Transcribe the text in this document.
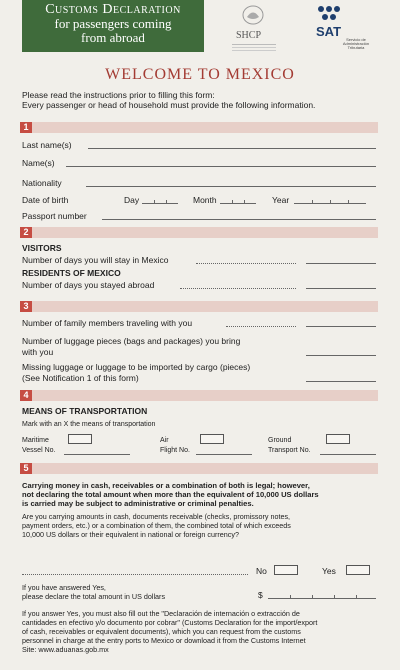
Customs Declaration
for passengers coming
from abroad	SHCP	SAT
Servicio de Administración Tributaria
WELCOME TO MEXICO
Please read the instructions prior to filling this form:
Every passenger or head of household must provide the following information.
1
Last name(s)
Name(s)
Nationality
Date of birth	Day	Month	Year
Passport number
2
VISITORS
Number of days you will stay in Mexico
RESIDENTS OF MEXICO
Number of days you stayed abroad
3
Number of family members traveling with you
Number of luggage pieces (bags and packages) you bring
with you
Missing luggage or luggage to be imported by cargo (pieces)
(See Notification 1 of this form)
4
MEANS OF TRANSPORTATION
Mark with an X the means of transportation
Maritime
Vessel No.
Air
Flight No.
Ground
Transport No.
5
Carrying money in cash, receivables or a combination of both is legal; however,
not declaring the total amount when more than the equivalent of 10,000 US dollars
is carried may be subject to administrative or criminal penalties.
Are you carrying amounts in cash, documents receivable (checks, promissory notes,
payment orders, etc.) or a combination of them, the combined total of which exceeds
10,000 US dollars or their equivalent in national or foreign currency?
No	Yes
If you have answered Yes,
please declare the total amount in US dollars	$
If you answer Yes, you must also fill out the "Declaración de internación o extracción de
cantidades en efectivo y/o documento por cobrar" (Customs Declaration for the import/export
of cash, receivables or equivalent documents), which you can request from the customs
personnel in charge at the entry ports to Mexico or download it from the Customs Internet
Site: www.aduanas.gob.mx
